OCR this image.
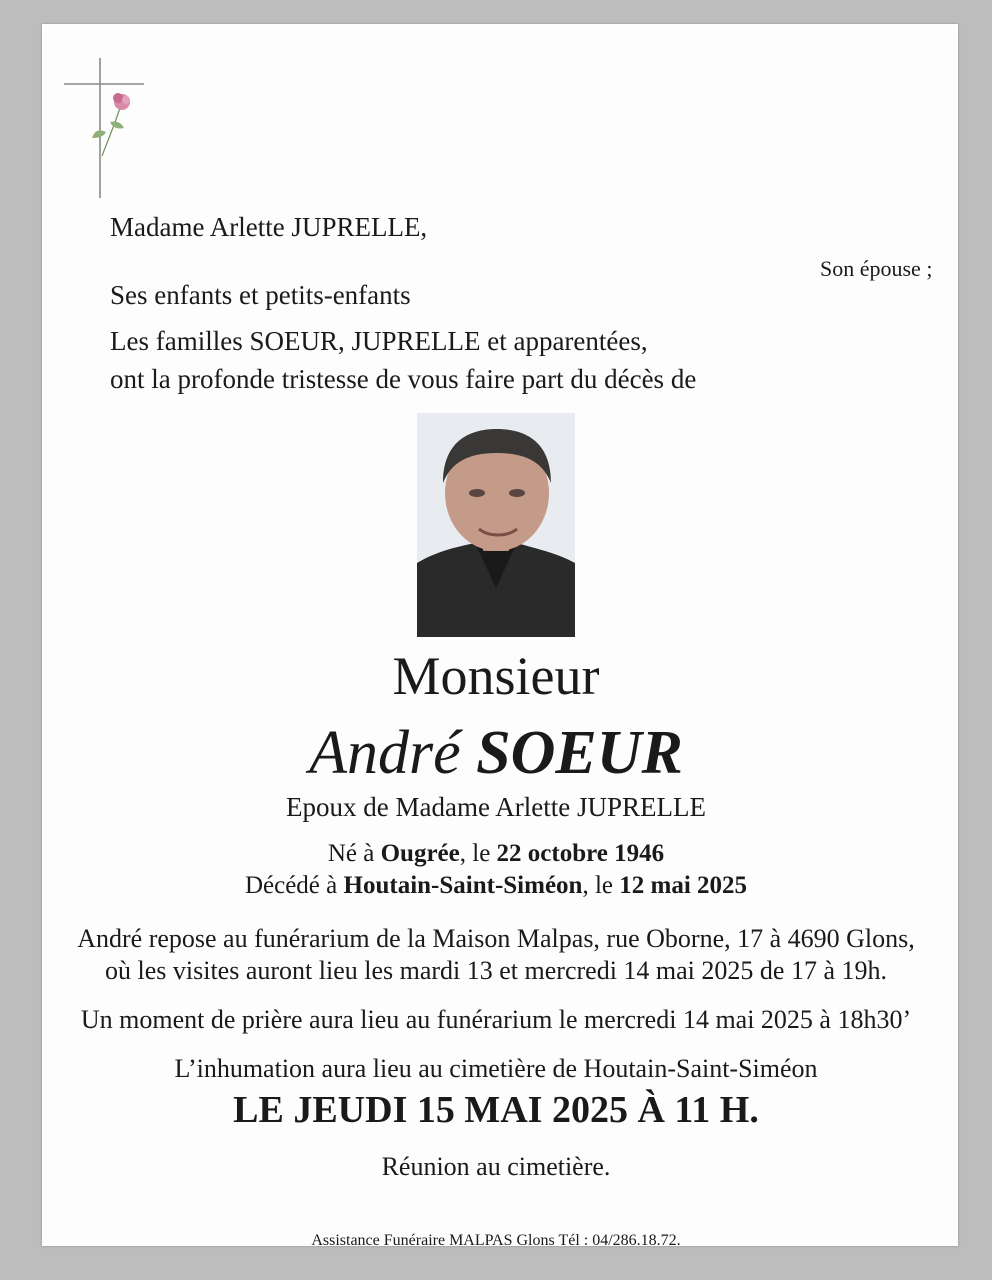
Madame Arlette JUPRELLE,
Son épouse ;
Ses enfants et petits-enfants
Les familles SOEUR, JUPRELLE et apparentées,
ont la profonde tristesse de vous faire part du décès de
Monsieur
André SOEUR
Epoux de Madame Arlette JUPRELLE
Né à Ougrée, le 22 octobre 1946
Décédé à Houtain-Saint-Siméon, le 12 mai 2025
André repose au funérarium de la Maison Malpas, rue Oborne, 17 à 4690 Glons,
où les visites auront lieu les mardi 13 et mercredi 14 mai 2025 de 17 à 19h.
Un moment de prière aura lieu au funérarium le mercredi 14 mai 2025 à 18h30’
L’inhumation aura lieu au cimetière de Houtain-Saint-Siméon
LE JEUDI 15 MAI 2025 À 11 H.
Réunion au cimetière.
Assistance Funéraire MALPAS Glons Tél : 04/286.18.72.
